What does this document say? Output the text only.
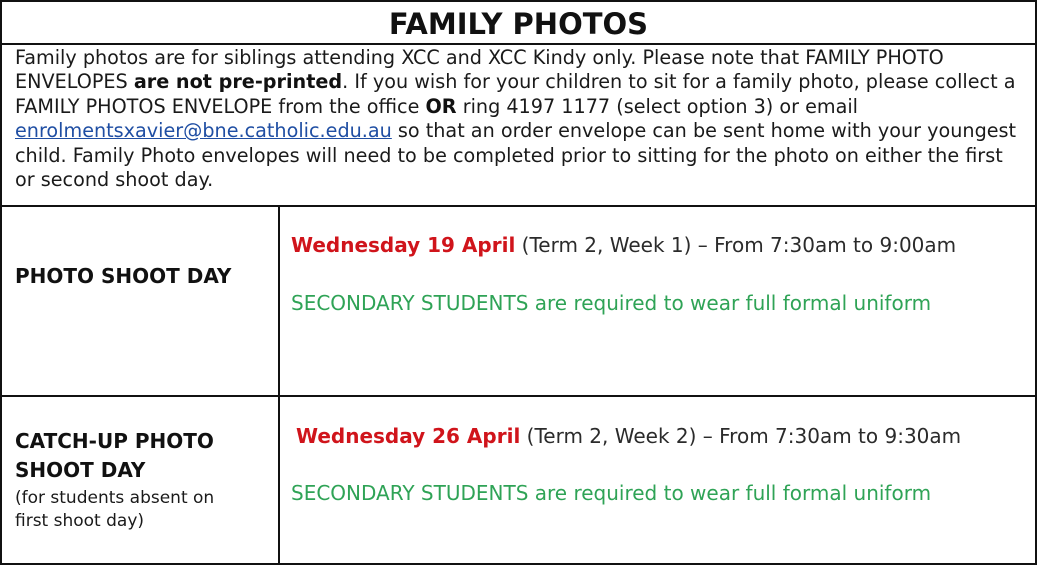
FAMILY PHOTOS
Family photos are for siblings attending XCC and XCC Kindy only. Please note that FAMILY PHOTO ENVELOPES are not pre-printed. If you wish for your children to sit for a family photo, please collect a FAMILY PHOTOS ENVELOPE from the office OR ring 4197 1177 (select option 3) or email enrolmentsxavier@bne.catholic.edu.au so that an order envelope can be sent home with your youngest child. Family Photo envelopes will need to be completed prior to sitting for the photo on either the first or second shoot day.
PHOTO SHOOT DAY
Wednesday 19 April (Term 2, Week 1) – From 7:30am to 9:00am
SECONDARY STUDENTS are required to wear full formal uniform
CATCH-UP PHOTO
SHOOT DAY
(for students absent on
first shoot day)
Wednesday 26 April (Term 2, Week 2) – From 7:30am to 9:30am
SECONDARY STUDENTS are required to wear full formal uniform
